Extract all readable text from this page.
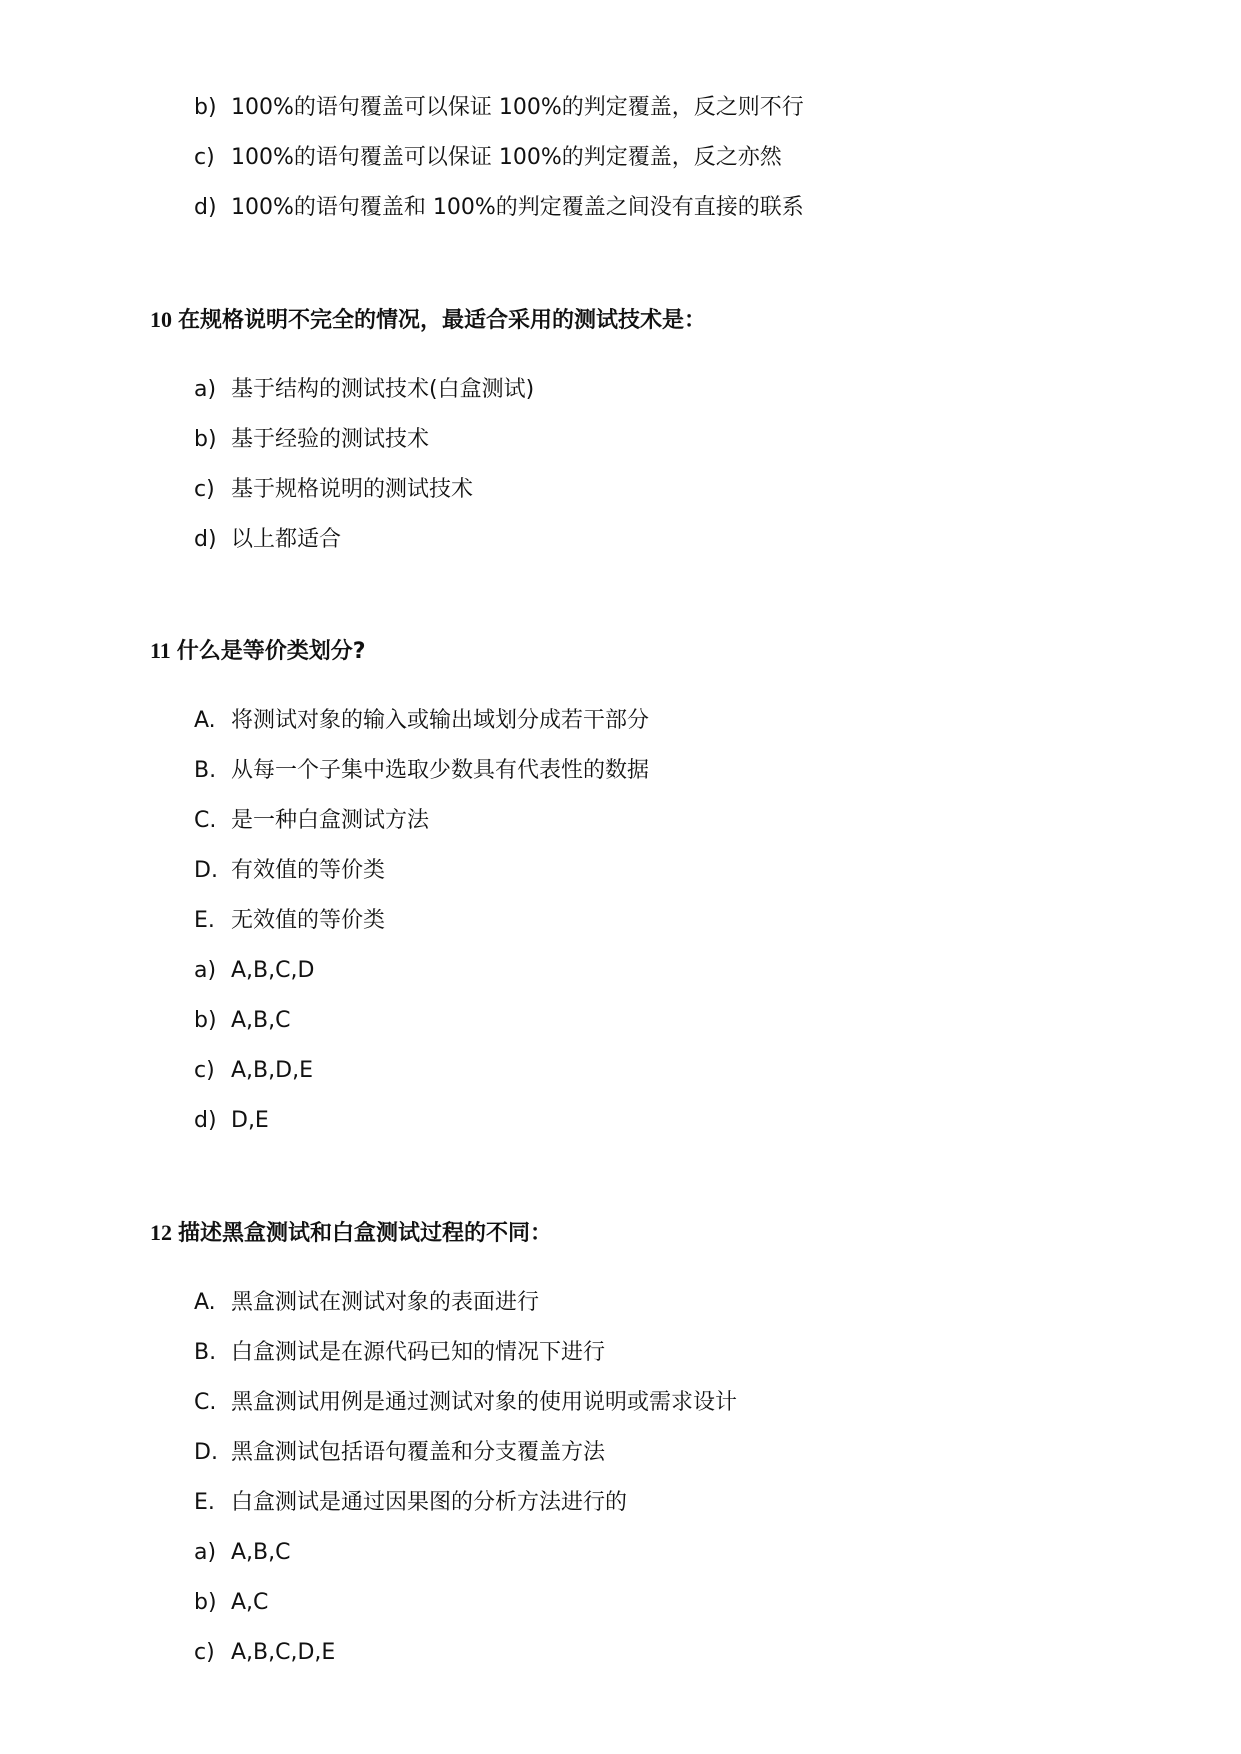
b) 100%的语句覆盖可以保证 100%的判定覆盖，反之则不行
c) 100%的语句覆盖可以保证 100%的判定覆盖，反之亦然
d) 100%的语句覆盖和 100%的判定覆盖之间没有直接的联系
10 在规格说明不完全的情况，最适合采用的测试技术是：
a) 基于结构的测试技术(白盒测试)
b) 基于经验的测试技术
c) 基于规格说明的测试技术
d) 以上都适合
11 什么是等价类划分?
A. 将测试对象的输入或输出域划分成若干部分
B. 从每一个子集中选取少数具有代表性的数据
C. 是一种白盒测试方法
D. 有效值的等价类
E. 无效值的等价类
a) A,B,C,D
b) A,B,C
c) A,B,D,E
d) D,E
12 描述黑盒测试和白盒测试过程的不同：
A. 黑盒测试在测试对象的表面进行
B. 白盒测试是在源代码已知的情况下进行
C. 黑盒测试用例是通过测试对象的使用说明或需求设计
D. 黑盒测试包括语句覆盖和分支覆盖方法
E. 白盒测试是通过因果图的分析方法进行的
a) A,B,C
b) A,C
c) A,B,C,D,E
